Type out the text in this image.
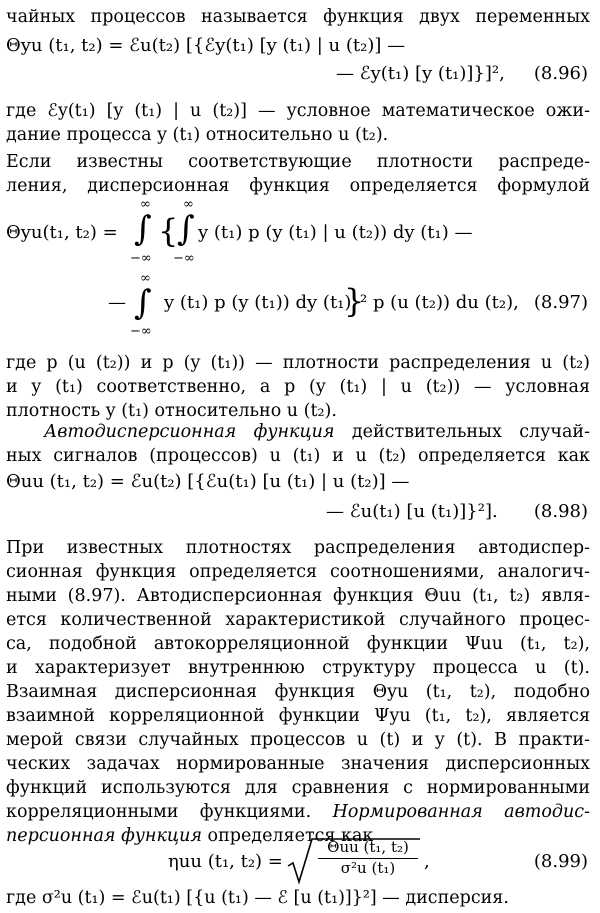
чайных процессов называется функция двух переменных
Θyu (t₁, t₂) = ℰu(t₂) [{ℰy(t₁) [y (t₁) | u (t₂)] —
— ℰy(t₁) [y (t₁)]}]², (8.96)
где ℰy(t₁) [y (t₁) | u (t₂)] — условное математическое ожи-
дание процесса y (t₁) относительно u (t₂).
Если известны соответствующие плотности распреде-
ления, дисперсионная функция определяется формулой
Θyu(t₁, t₂) =
∞
∫
−∞
{
∞
∫
−∞
y (t₁) p (y (t₁) | u (t₂)) dy (t₁) —
—
∞
∫
−∞
y (t₁) p (y (t₁)) dy (t₁)
}
² p (u (t₂)) du (t₂), (8.97)
где p (u (t₂)) и p (y (t₁)) — плотности распределения u (t₂)
и y (t₁) соответственно, а p (y (t₁) | u (t₂)) — условная
плотность y (t₁) относительно u (t₂).
Автодисперсионная функция действительных случай-
ных сигналов (процессов) u (t₁) и u (t₂) определяется как
Θuu (t₁, t₂) = ℰu(t₂) [{ℰu(t₁) [u (t₁) | u (t₂)] —
— ℰu(t₁) [u (t₁)]}²]. (8.98)
При известных плотностях распределения автодиспер-
сионная функция определяется соотношениями, аналогич-
ными (8.97). Автодисперсионная функция Θuu (t₁, t₂) явля-
ется количественной характеристикой случайного процес-
са, подобной автокорреляционной функции Ψuu (t₁, t₂),
и характеризует внутреннюю структуру процесса u (t).
Взаимная дисперсионная функция Θyu (t₁, t₂), подобно
взаимной корреляционной функции Ψyu (t₁, t₂), является
мерой связи случайных процессов u (t) и y (t). В практи-
ческих задачах нормированные значения дисперсионных
функций используются для сравнения с нормированными
корреляционными функциями. Нормированная автодис-
персионная функция определяется как
ηuu (t₁, t₂) =
Θuu (t₁, t₂)
σ²u (t₁)	,	(8.99)
где σ²u (t₁) = ℰu(t₁) [{u (t₁) — ℰ [u (t₁)]}²] — дисперсия.
